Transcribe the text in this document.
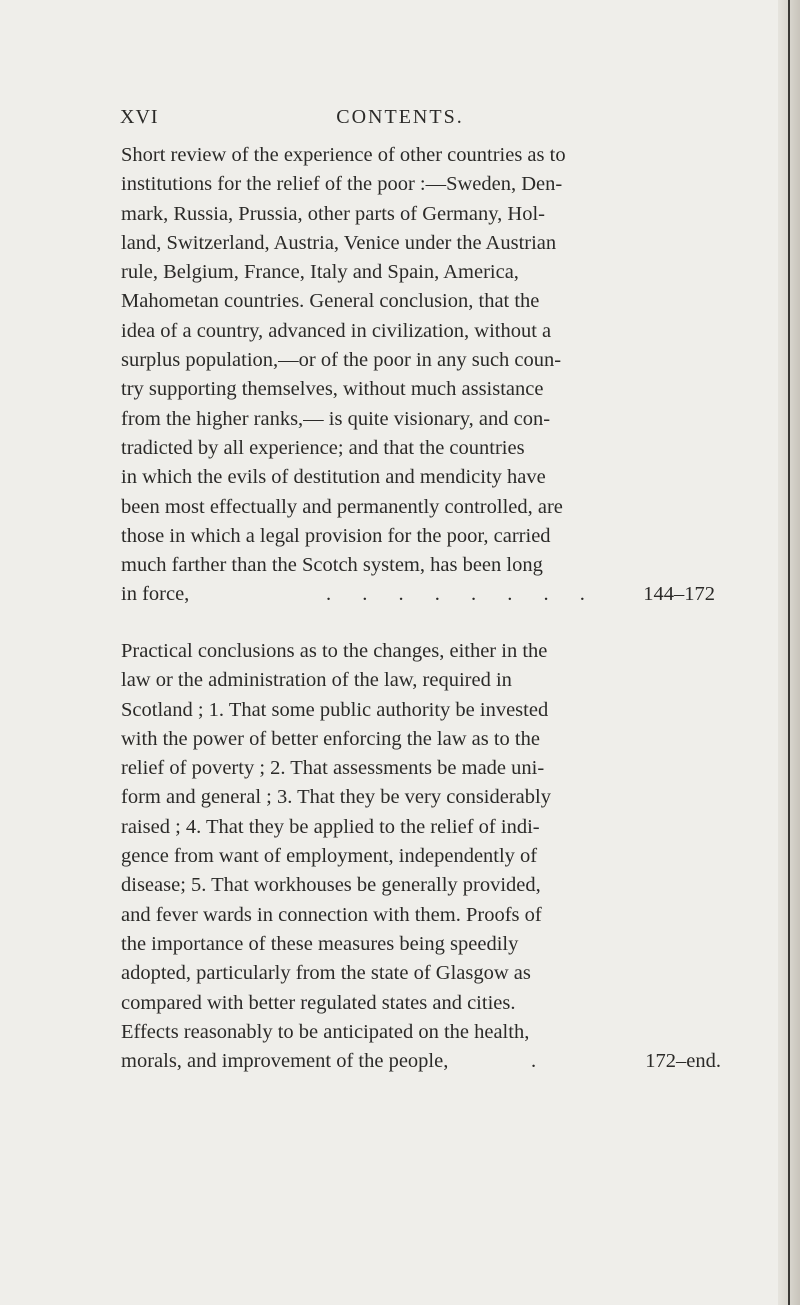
XVI	CONTENTS.
Short review of the experience of other countries as to
institutions for the relief of the poor :—Sweden, Den-
mark, Russia, Prussia, other parts of Germany, Hol-
land, Switzerland, Austria, Venice under the Austrian
rule, Belgium, France, Italy and Spain, America,
Mahometan countries. General conclusion, that the
idea of a country, advanced in civilization, without a
surplus population,—or of the poor in any such coun-
try supporting themselves, without much assistance
from the higher ranks,— is quite visionary, and con-
tradicted by all experience; and that the countries
in which the evils of destitution and mendicity have
been most effectually and permanently controlled, are
those in which a legal provision for the poor, carried
much farther than the Scotch system, has been long
in force,	. . . . . . . . 144–172
Practical conclusions as to the changes, either in the
law or the administration of the law, required in
Scotland ; 1. That some public authority be invested
with the power of better enforcing the law as to the
relief of poverty ; 2. That assessments be made uni-
form and general ; 3. That they be very considerably
raised ; 4. That they be applied to the relief of indi-
gence from want of employment, independently of
disease; 5. That workhouses be generally provided,
and fever wards in connection with them. Proofs of
the importance of these measures being speedily
adopted, particularly from the state of Glasgow as
compared with better regulated states and cities.
Effects reasonably to be anticipated on the health,
morals, and improvement of the people,	.	172–end.
